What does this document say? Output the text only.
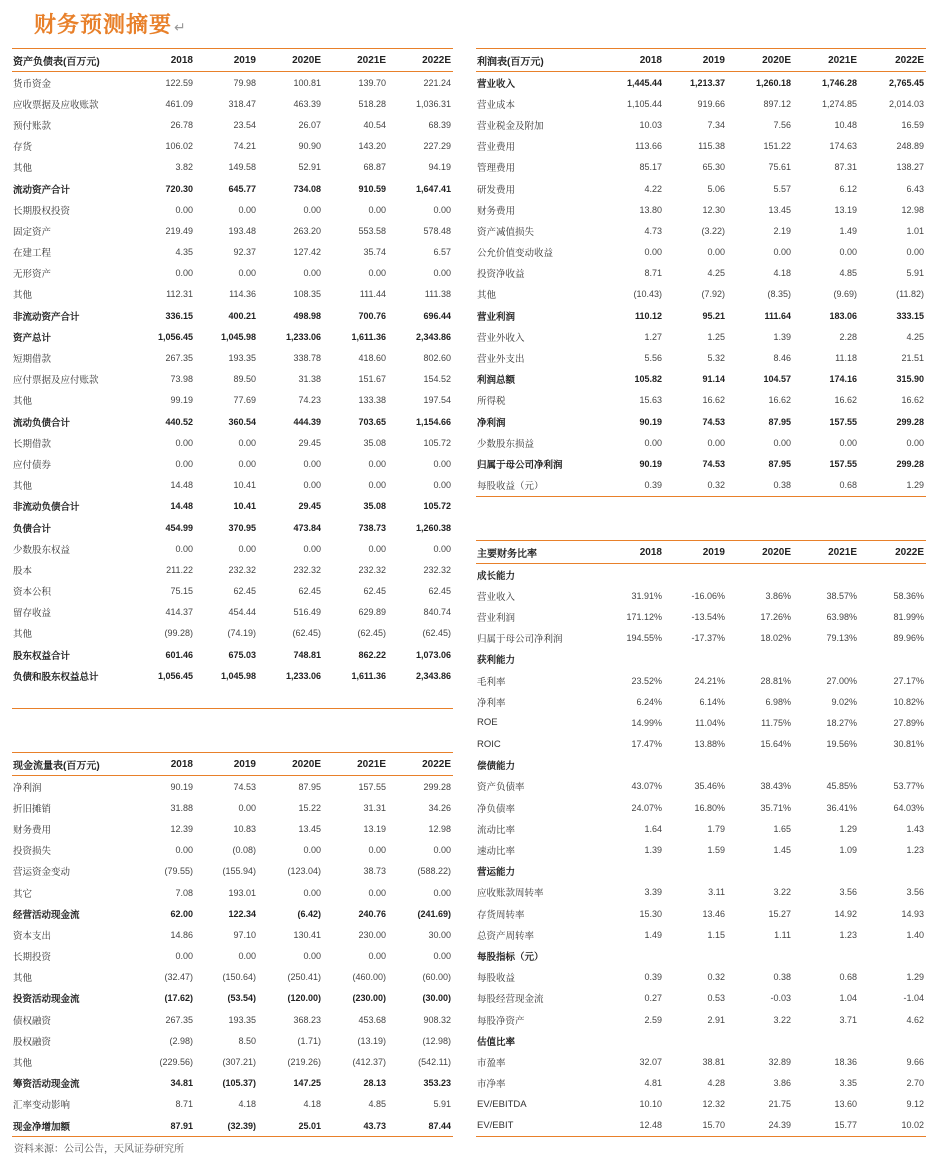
财务预测摘要 ↵
资产负债表(百万元)	2018	2019	2020E	2021E	2022E
货币资金	122.59	79.98	100.81	139.70	221.24
应收票据及应收账款	461.09	318.47	463.39	518.28	1,036.31
预付账款	26.78	23.54	26.07	40.54	68.39
存货	106.02	74.21	90.90	143.20	227.29
其他	3.82	149.58	52.91	68.87	94.19
流动资产合计	720.30	645.77	734.08	910.59	1,647.41
长期股权投资	0.00	0.00	0.00	0.00	0.00
固定资产	219.49	193.48	263.20	553.58	578.48
在建工程	4.35	92.37	127.42	35.74	6.57
无形资产	0.00	0.00	0.00	0.00	0.00
其他	112.31	114.36	108.35	111.44	111.38
非流动资产合计	336.15	400.21	498.98	700.76	696.44
资产总计	1,056.45	1,045.98	1,233.06	1,611.36	2,343.86
短期借款	267.35	193.35	338.78	418.60	802.60
应付票据及应付账款	73.98	89.50	31.38	151.67	154.52
其他	99.19	77.69	74.23	133.38	197.54
流动负债合计	440.52	360.54	444.39	703.65	1,154.66
长期借款	0.00	0.00	29.45	35.08	105.72
应付债券	0.00	0.00	0.00	0.00	0.00
其他	14.48	10.41	0.00	0.00	0.00
非流动负债合计	14.48	10.41	29.45	35.08	105.72
负债合计	454.99	370.95	473.84	738.73	1,260.38
少数股东权益	0.00	0.00	0.00	0.00	0.00
股本	211.22	232.32	232.32	232.32	232.32
资本公积	75.15	62.45	62.45	62.45	62.45
留存收益	414.37	454.44	516.49	629.89	840.74
其他	(99.28)	(74.19)	(62.45)	(62.45)	(62.45)
股东权益合计	601.46	675.03	748.81	862.22	1,073.06
负债和股东权益总计	1,056.45	1,045.98	1,233.06	1,611.36	2,343.86

利润表(百万元)	2018	2019	2020E	2021E	2022E
营业收入	1,445.44	1,213.37	1,260.18	1,746.28	2,765.45
营业成本	1,105.44	919.66	897.12	1,274.85	2,014.03
营业税金及附加	10.03	7.34	7.56	10.48	16.59
营业费用	113.66	115.38	151.22	174.63	248.89
管理费用	85.17	65.30	75.61	87.31	138.27
研发费用	4.22	5.06	5.57	6.12	6.43
财务费用	13.80	12.30	13.45	13.19	12.98
资产减值损失	4.73	(3.22)	2.19	1.49	1.01
公允价值变动收益	0.00	0.00	0.00	0.00	0.00
投资净收益	8.71	4.25	4.18	4.85	5.91
其他	(10.43)	(7.92)	(8.35)	(9.69)	(11.82)
营业利润	110.12	95.21	111.64	183.06	333.15
营业外收入	1.27	1.25	1.39	2.28	4.25
营业外支出	5.56	5.32	8.46	11.18	21.51
利润总额	105.82	91.14	104.57	174.16	315.90
所得税	15.63	16.62	16.62	16.62	16.62
净利润	90.19	74.53	87.95	157.55	299.28
少数股东损益	0.00	0.00	0.00	0.00	0.00
归属于母公司净利润	90.19	74.53	87.95	157.55	299.28
每股收益（元）	0.39	0.32	0.38	0.68	1.29
现金流量表(百万元)	2018	2019	2020E	2021E	2022E
净利润	90.19	74.53	87.95	157.55	299.28
折旧摊销	31.88	0.00	15.22	31.31	34.26
财务费用	12.39	10.83	13.45	13.19	12.98
投资损失	0.00	(0.08)	0.00	0.00	0.00
营运资金变动	(79.55)	(155.94)	(123.04)	38.73	(588.22)
其它	7.08	193.01	0.00	0.00	0.00
经营活动现金流	62.00	122.34	(6.42)	240.76	(241.69)
资本支出	14.86	97.10	130.41	230.00	30.00
长期投资	0.00	0.00	0.00	0.00	0.00
其他	(32.47)	(150.64)	(250.41)	(460.00)	(60.00)
投资活动现金流	(17.62)	(53.54)	(120.00)	(230.00)	(30.00)
债权融资	267.35	193.35	368.23	453.68	908.32
股权融资	(2.98)	8.50	(1.71)	(13.19)	(12.98)
其他	(229.56)	(307.21)	(219.26)	(412.37)	(542.11)
筹资活动现金流	34.81	(105.37)	147.25	28.13	353.23
汇率变动影响	8.71	4.18	4.18	4.85	5.91
现金净增加额	87.91	(32.39)	25.01	43.73	87.44
主要财务比率	2018	2019	2020E	2021E	2022E
成长能力					
营业收入	31.91%	-16.06%	3.86%	38.57%	58.36%
营业利润	171.12%	-13.54%	17.26%	63.98%	81.99%
归属于母公司净利润	194.55%	-17.37%	18.02%	79.13%	89.96%
获利能力					
毛利率	23.52%	24.21%	28.81%	27.00%	27.17%
净利率	6.24%	6.14%	6.98%	9.02%	10.82%
ROE	14.99%	11.04%	11.75%	18.27%	27.89%
ROIC	17.47%	13.88%	15.64%	19.56%	30.81%
偿债能力					
资产负债率	43.07%	35.46%	38.43%	45.85%	53.77%
净负债率	24.07%	16.80%	35.71%	36.41%	64.03%
流动比率	1.64	1.79	1.65	1.29	1.43
速动比率	1.39	1.59	1.45	1.09	1.23
营运能力					
应收账款周转率	3.39	3.11	3.22	3.56	3.56
存货周转率	15.30	13.46	15.27	14.92	14.93
总资产周转率	1.49	1.15	1.11	1.23	1.40
每股指标（元）					
每股收益	0.39	0.32	0.38	0.68	1.29
每股经营现金流	0.27	0.53	-0.03	1.04	-1.04
每股净资产	2.59	2.91	3.22	3.71	4.62
估值比率					
市盈率	32.07	38.81	32.89	18.36	9.66
市净率	4.81	4.28	3.86	3.35	2.70
EV/EBITDA	10.10	12.32	21.75	13.60	9.12
EV/EBIT	12.48	15.70	24.39	15.77	10.02
资料来源：公司公告，天风证券研究所
